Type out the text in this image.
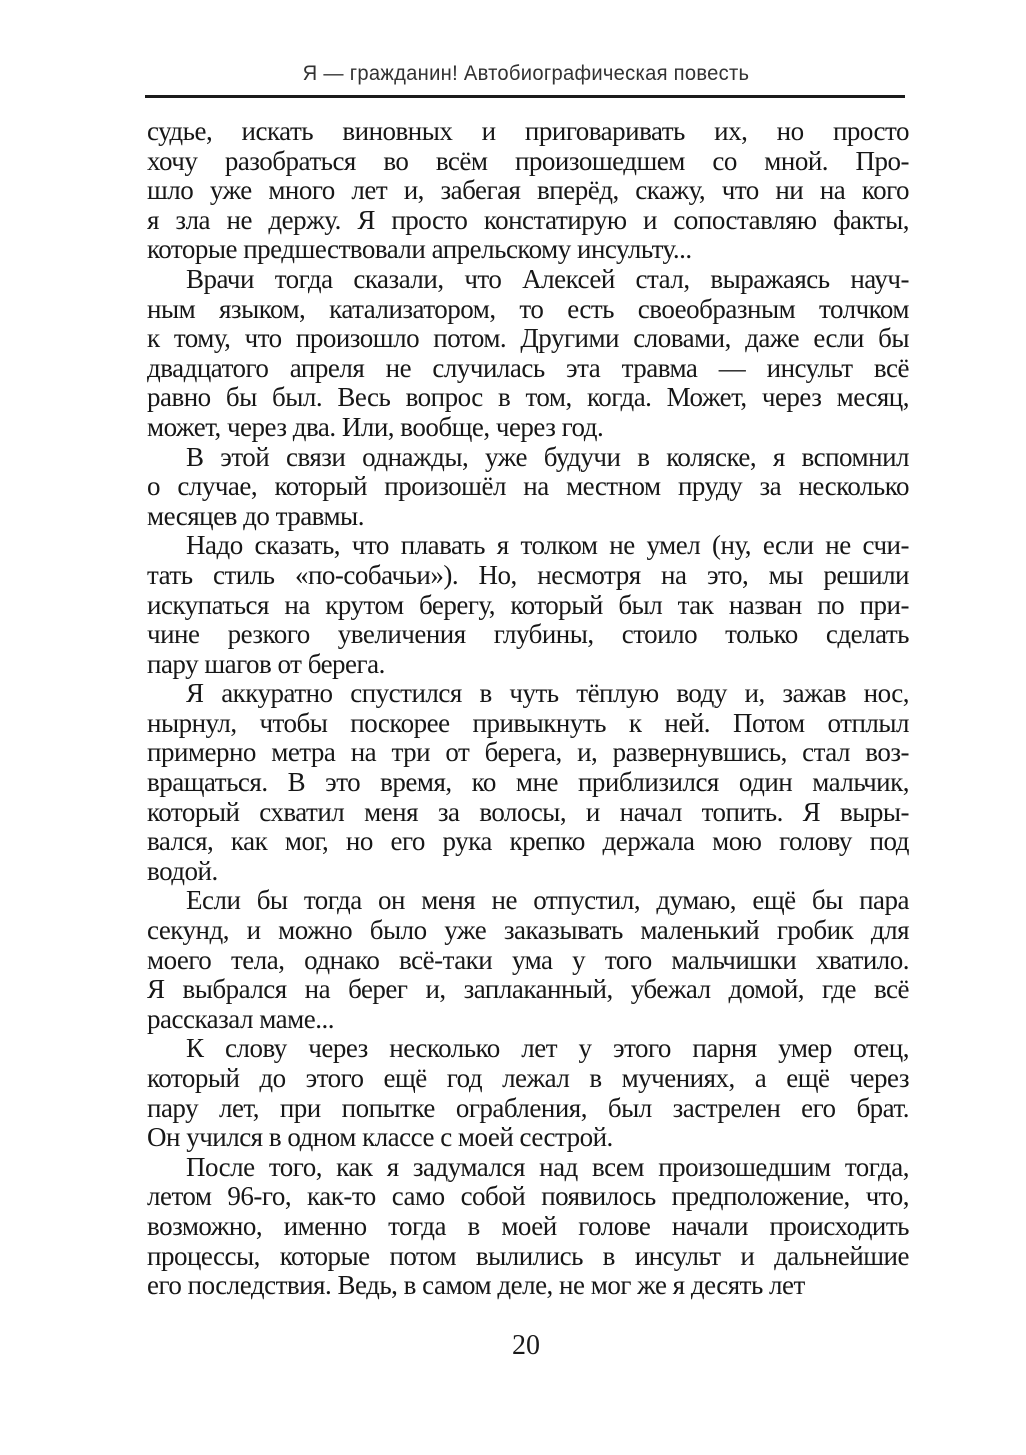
Я — гражданин! Автобиографическая повесть
судье, искать виновных и приговаривать их, но просто
хочу разобраться во всём произошедшем со мной. Про-
шло уже много лет и, забегая вперёд, скажу, что ни на кого
я зла не держу. Я просто констатирую и сопоставляю факты,
которые предшествовали апрельскому инсульту...
Врачи тогда сказали, что Алексей стал, выражаясь науч-
ным языком, катализатором, то есть своеобразным толчком
к тому, что произошло потом. Другими словами, даже если бы
двадцатого апреля не случилась эта травма — инсульт всё
равно бы был. Весь вопрос в том, когда. Может, через месяц,
может, через два. Или, вообще, через год.
В этой связи однажды, уже будучи в коляске, я вспомнил
о случае, который произошёл на местном пруду за несколько
месяцев до травмы.
Надо сказать, что плавать я толком не умел (ну, если не счи-
тать стиль «по-собачьи»). Но, несмотря на это, мы решили
искупаться на крутом берегу, который был так назван по при-
чине резкого увеличения глубины, стоило только сделать
пару шагов от берега.
Я аккуратно спустился в чуть тёплую воду и, зажав нос,
нырнул, чтобы поскорее привыкнуть к ней. Потом отплыл
примерно метра на три от берега, и, развернувшись, стал воз-
вращаться. В это время, ко мне приблизился один мальчик,
который схватил меня за волосы, и начал топить. Я выры-
вался, как мог, но его рука крепко держала мою голову под
водой.
Если бы тогда он меня не отпустил, думаю, ещё бы пара
секунд, и можно было уже заказывать маленький гробик для
моего тела, однако всё-таки ума у того мальчишки хватило.
Я выбрался на берег и, заплаканный, убежал домой, где всё
рассказал маме...
К слову через несколько лет у этого парня умер отец,
который до этого ещё год лежал в мучениях, а ещё через
пару лет, при попытке ограбления, был застрелен его брат.
Он учился в одном классе с моей сестрой.
После того, как я задумался над всем произошедшим тогда,
летом 96-го, как-то само собой появилось предположение, что,
возможно, именно тогда в моей голове начали происходить
процессы, которые потом вылились в инсульт и дальнейшие
его последствия. Ведь, в самом деле, не мог же я десять лет
20
